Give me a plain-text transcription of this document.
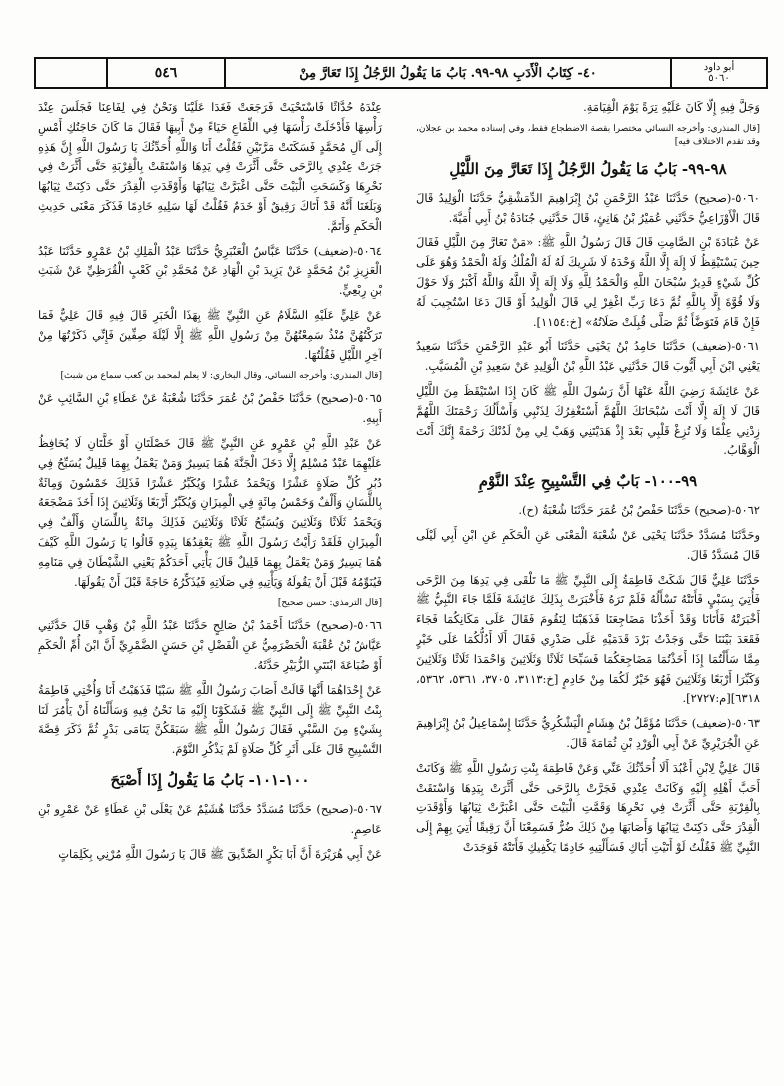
أبو داود
٥٠٦٠
٤٠- كِتَابُ الْأَدَبِ ٩٨-٩٩. بَابُ مَا يَقُولُ الرَّجُلُ إِذَا تَعَارَّ مِنْ
٥٤٦

وَجَلَّ فِيهِ إِلَّا كَانَ عَلَيْهِ تِرَةً يَوْمَ الْقِيَامَةِ.

[قال المنذري: وأخرجه النسائي مختصرا بقصة الاضطجاع فقط، وفي إسناده محمد بن عجلان، وقد تقدم الاختلاف فيه]

٩٨-٩٩- بَابُ مَا يَقُولُ الرَّجُلُ إِذَا تَعَارَّ مِنَ اللَّيْلِ

٥٠٦٠-(صحيح) حَدَّثَنَا عَبْدُ الرَّحْمَنِ بْنُ إِبْرَاهِيمَ الدِّمَشْقِيُّ حَدَّثَنَا الْوَلِيدُ قَالَ قَالَ الْأَوْزَاعِيُّ حَدَّثَنِي عُمَيْرُ بْنُ هَانِئٍ، قَالَ حَدَّثَنِي جُنَادَةُ بْنُ أَبِي أُمَيَّةَ.

عَنْ عُبَادَةَ بْنِ الصَّامِتِ قَالَ قَالَ رَسُولُ اللَّهِ ﷺ: «مَنْ تَعَارَّ مِنَ اللَّيْلِ فَقَالَ حِينَ يَسْتَيْقِظُ لَا إِلَهَ إِلَّا اللَّهُ وَحْدَهُ لَا شَرِيكَ لَهُ لَهُ الْمُلْكُ وَلَهُ الْحَمْدُ وَهُوَ عَلَى كُلِّ شَيْءٍ قَدِيرٌ سُبْحَانَ اللَّهِ وَالْحَمْدُ لِلَّهِ وَلَا إِلَهَ إِلَّا اللَّهُ وَاللَّهُ أَكْبَرُ وَلَا حَوْلَ وَلَا قُوَّةَ إِلَّا بِاللَّهِ ثُمَّ دَعَا رَبِّ اغْفِرْ لِي قَالَ الْوَلِيدُ أَوْ قَالَ دَعَا اسْتُجِيبَ لَهُ فَإِنْ قَامَ فَتَوَضَّأَ ثُمَّ صَلَّى قُبِلَتْ صَلَاتُهُ» [خ:١١٥٤].

٥٠٦١-(ضعيف) حَدَّثَنَا حَامِدُ بْنُ يَحْيَى حَدَّثَنَا أَبُو عَبْدِ الرَّحْمَنِ حَدَّثَنَا سَعِيدٌ يَعْنِي ابْنَ أَبِي أَيُّوبَ قَالَ حَدَّثَنِي عَبْدُ اللَّهِ بْنُ الْوَلِيدِ عَنْ سَعِيدِ بْنِ الْمُسَيَّبِ.

عَنْ عَائِشَةَ رَضِيَ اللَّهُ عَنْهَا أَنَّ رَسُولَ اللَّهِ ﷺ كَانَ إِذَا اسْتَيْقَظَ مِنَ اللَّيْلِ قَالَ لَا إِلَهَ إِلَّا أَنْتَ سُبْحَانَكَ اللَّهُمَّ أَسْتَغْفِرُكَ لِذَنْبِي وَأَسْأَلُكَ رَحْمَتَكَ اللَّهُمَّ زِدْنِي عِلْمًا وَلَا تُزِغْ قَلْبِي بَعْدَ إِذْ هَدَيْتَنِي وَهَبْ لِي مِنْ لَدُنْكَ رَحْمَةً إِنَّكَ أَنْتَ الْوَهَّابُ.

٩٩-١٠٠- بَابٌ فِي التَّسْبِيحِ عِنْدَ النَّوْمِ

٥٠٦٢-(صحيح) حَدَّثَنَا حَفْصُ بْنُ عُمَرَ حَدَّثَنَا شُعْبَةُ (ح).

وحَدَّثَنَا مُسَدَّدٌ حَدَّثَنَا يَحْيَى عَنْ شُعْبَةَ الْمَعْنَى عَنِ الْحَكَمِ عَنِ ابْنِ أَبِي لَيْلَى قَالَ مُسَدَّدٌ قَالَ.

حَدَّثَنَا عَلِيٌّ قَالَ شَكَتْ فَاطِمَةُ إِلَى النَّبِيِّ ﷺ مَا تَلْقَى فِي يَدِهَا مِنَ الرَّحَى فَأُتِيَ بِسَبْيٍ فَأَتَتْهُ تَسْأَلُهُ فَلَمْ تَرَهُ فَأَخْبَرَتْ بِذَلِكَ عَائِشَةَ فَلَمَّا جَاءَ النَّبِيُّ ﷺ أَخْبَرَتْهُ فَأَتَانَا وَقَدْ أَخَذْنَا مَضَاجِعَنَا فَذَهَبْنَا لِنَقُومَ فَقَالَ عَلَى مَكَانِكُمَا فَجَاءَ فَقَعَدَ بَيْنَنَا حَتَّى وَجَدْتُ بَرْدَ قَدَمَيْهِ عَلَى صَدْرِي فَقَالَ أَلَا أَدُلُّكُمَا عَلَى خَيْرٍ مِمَّا سَأَلْتُمَا إِذَا أَخَذْتُمَا مَضَاجِعَكُمَا فَسَبِّحَا ثَلَاثًا وَثَلَاثِينَ وَاحْمَدَا ثَلَاثًا وَثَلَاثِينَ وَكَبِّرَا أَرْبَعًا وَثَلَاثِينَ فَهُوَ خَيْرٌ لَكُمَا مِنْ خَادِمٍ [خ:٣١١٣، ٣٧٠٥، ٥٣٦١، ٥٣٦٢، ٦٣١٨][م:٢٧٢٧].

٥٠٦٣-(ضعيف) حَدَّثَنَا مُؤَمَّلُ بْنُ هِشَامٍ الْيَشْكُرِيُّ حَدَّثَنَا إِسْمَاعِيلُ بْنُ إِبْرَاهِيمَ عَنِ الْجُرَيْرِيِّ عَنْ أَبِي الْوَرْدِ بْنِ ثُمَامَةَ قَالَ.

قَالَ عَلِيٌّ لِابْنِ أَعْبُدَ أَلَا أُحَدِّثُكَ عَنِّي وَعَنْ فَاطِمَةَ بِنْتِ رَسُولِ اللَّهِ ﷺ وَكَانَتْ أَحَبَّ أَهْلِهِ إِلَيْهِ وَكَانَتْ عِنْدِي فَجَرَّتْ بِالرَّحَى حَتَّى أَثَّرَتْ بِيَدِهَا وَاسْتَقَتْ بِالْقِرْبَةِ حَتَّى أَثَّرَتْ فِي نَحْرِهَا وَقَمَّتِ الْبَيْتَ حَتَّى اغْبَرَّتْ ثِيَابُهَا وَأَوْقَدَتِ الْقِدْرَ حَتَّى دَكِنَتْ ثِيَابُهَا وَأَصَابَهَا مِنْ ذَلِكَ ضُرٌّ فَسَمِعْنَا أَنَّ رَقِيقًا أُتِيَ بِهِمْ إِلَى النَّبِيِّ ﷺ فَقُلْتُ لَوْ أَتَيْتِ أَبَاكِ فَسَأَلْتِيهِ خَادِمًا يَكْفِيكِ فَأَتَتْهُ فَوَجَدَتْ

عِنْدَهُ حُدَّاثًا فَاسْتَحْيَتْ فَرَجَعَتْ فَغَدَا عَلَيْنَا وَنَحْنُ فِي لِفَاعِنَا فَجَلَسَ عِنْدَ رَأْسِهَا فَأَدْخَلَتْ رَأْسَهَا فِي اللِّفَاعِ حَيَاءً مِنْ أَبِيهَا فَقَالَ مَا كَانَ حَاجَتُكِ أَمْسِ إِلَى آلِ مُحَمَّدٍ فَسَكَتَتْ مَرَّتَيْنِ فَقُلْتُ أَنَا وَاللَّهِ أُحَدِّثُكَ يَا رَسُولَ اللَّهِ إِنَّ هَذِهِ جَرَتْ عِنْدِي بِالرَّحَى حَتَّى أَثَّرَتْ فِي يَدِهَا وَاسْتَقَتْ بِالْقِرْبَةِ حَتَّى أَثَّرَتْ فِي نَحْرِهَا وَكَسَحَتِ الْبَيْتَ حَتَّى اغْبَرَّتْ ثِيَابُهَا وَأَوْقَدَتِ الْقِدْرَ حَتَّى دَكِنَتْ ثِيَابُهَا وَبَلَغَنَا أَنَّهُ قَدْ أَتَاكَ رَقِيقٌ أَوْ خَدَمٌ فَقُلْتُ لَهَا سَلِيهِ خَادِمًا فَذَكَرَ مَعْنَى حَدِيثِ الْحَكَمِ وَأَتَمَّ.

٥٠٦٤-(ضعيف) حَدَّثَنَا عَبَّاسٌ الْعَنْبَرِيُّ حَدَّثَنَا عَبْدُ الْمَلِكِ بْنُ عَمْرٍو حَدَّثَنَا عَبْدُ الْعَزِيزِ بْنُ مُحَمَّدٍ عَنْ يَزِيدَ بْنِ الْهَادِ عَنْ مُحَمَّدِ بْنِ كَعْبٍ الْقُرَظِيِّ عَنْ شَبَثِ بْنِ رِبْعِيٍّ.

عَنْ عَلِيٍّ عَلَيْهِ السَّلَامُ عَنِ النَّبِيِّ ﷺ بِهَذَا الْخَبَرِ قَالَ فِيهِ قَالَ عَلِيٌّ فَمَا تَرَكْتُهُنَّ مُنْذُ سَمِعْتُهُنَّ مِنْ رَسُولِ اللَّهِ ﷺ إِلَّا لَيْلَةَ صِفِّينَ فَإِنِّي ذَكَرْتُهَا مِنْ آخِرِ اللَّيْلِ فَقُلْتُهَا.

[قال المنذري: وأخرجه النسائي، وقال البخاري: لا يعلم لمحمد بن كعب سماع من شبث]

٥٠٦٥-(صحيح) حَدَّثَنَا حَفْصُ بْنُ عُمَرَ حَدَّثَنَا شُعْبَةُ عَنْ عَطَاءِ بْنِ السَّائِبِ عَنْ أَبِيهِ.

عَنْ عَبْدِ اللَّهِ بْنِ عَمْرٍو عَنِ النَّبِيِّ ﷺ قَالَ خَصْلَتَانِ أَوْ خَلَّتَانِ لَا يُحَافِظُ عَلَيْهِمَا عَبْدٌ مُسْلِمٌ إِلَّا دَخَلَ الْجَنَّةَ هُمَا يَسِيرٌ وَمَنْ يَعْمَلُ بِهِمَا قَلِيلٌ يُسَبِّحُ فِي دُبُرِ كُلِّ صَلَاةٍ عَشْرًا وَيَحْمَدُ عَشْرًا وَيُكَبِّرُ عَشْرًا فَذَلِكَ خَمْسُونَ وَمِائَةٌ بِاللِّسَانِ وَأَلْفٌ وَخَمْسُ مِائَةٍ فِي الْمِيزَانِ وَيُكَبِّرُ أَرْبَعًا وَثَلَاثِينَ إِذَا أَخَذَ مَضْجَعَهُ وَيَحْمَدُ ثَلَاثًا وَثَلَاثِينَ وَيُسَبِّحُ ثَلَاثًا وَثَلَاثِينَ فَذَلِكَ مِائَةٌ بِاللِّسَانِ وَأَلْفٌ فِي الْمِيزَانِ فَلَقَدْ رَأَيْتُ رَسُولَ اللَّهِ ﷺ يَعْقِدُهَا بِيَدِهِ قَالُوا يَا رَسُولَ اللَّهِ كَيْفَ هُمَا يَسِيرٌ وَمَنْ يَعْمَلُ بِهِمَا قَلِيلٌ قَالَ يَأْتِي أَحَدَكُمْ يَعْنِي الشَّيْطَانَ فِي مَنَامِهِ فَيُنَوِّمُهُ قَبْلَ أَنْ يَقُولَهُ وَيَأْتِيهِ فِي صَلَاتِهِ فَيُذَكِّرُهُ حَاجَةً قَبْلَ أَنْ يَقُولَهَا.

[قال الترمذي: حسن صحيح]

٥٠٦٦-(صحيح) حَدَّثَنَا أَحْمَدُ بْنُ صَالِحٍ حَدَّثَنَا عَبْدُ اللَّهِ بْنُ وَهْبٍ قَالَ حَدَّثَنِي عَيَّاشُ بْنُ عُقْبَةَ الْحَضْرَمِيُّ عَنِ الْفَضْلِ بْنِ حَسَنٍ الضَّمْرِيِّ أَنَّ ابْنَ أُمِّ الْحَكَمِ أَوْ ضُبَاعَةَ ابْنَتَيِ الزُّبَيْرِ حَدَّثَهُ.

عَنْ إِحْدَاهُمَا أَنَّهَا قَالَتْ أَصَابَ رَسُولُ اللَّهِ ﷺ سَبْيًا فَذَهَبْتُ أَنَا وَأُخْتِي فَاطِمَةُ بِنْتُ النَّبِيِّ ﷺ إِلَى النَّبِيِّ ﷺ فَشَكَوْنَا إِلَيْهِ مَا نَحْنُ فِيهِ وَسَأَلْنَاهُ أَنْ يَأْمُرَ لَنَا بِشَيْءٍ مِنَ السَّبْيِ فَقَالَ رَسُولُ اللَّهِ ﷺ سَبَقَكُنَّ يَتَامَى بَدْرٍ ثُمَّ ذَكَرَ قِصَّةَ التَّسْبِيحِ قَالَ عَلَى أَثَرِ كُلِّ صَلَاةٍ لَمْ يَذْكُرِ النَّوْمَ.

١٠٠-١٠١- بَابُ مَا يَقُولُ إِذَا أَصْبَحَ

٥٠٦٧-(صحيح) حَدَّثَنَا مُسَدَّدٌ حَدَّثَنَا هُشَيْمٌ عَنْ يَعْلَى بْنِ عَطَاءٍ عَنْ عَمْرِو بْنِ عَاصِمٍ.

عَنْ أَبِي هُرَيْرَةَ أَنَّ أَبَا بَكْرٍ الصِّدِّيقَ ﷺ قَالَ يَا رَسُولَ اللَّهِ مُرْنِي بِكَلِمَاتٍ
